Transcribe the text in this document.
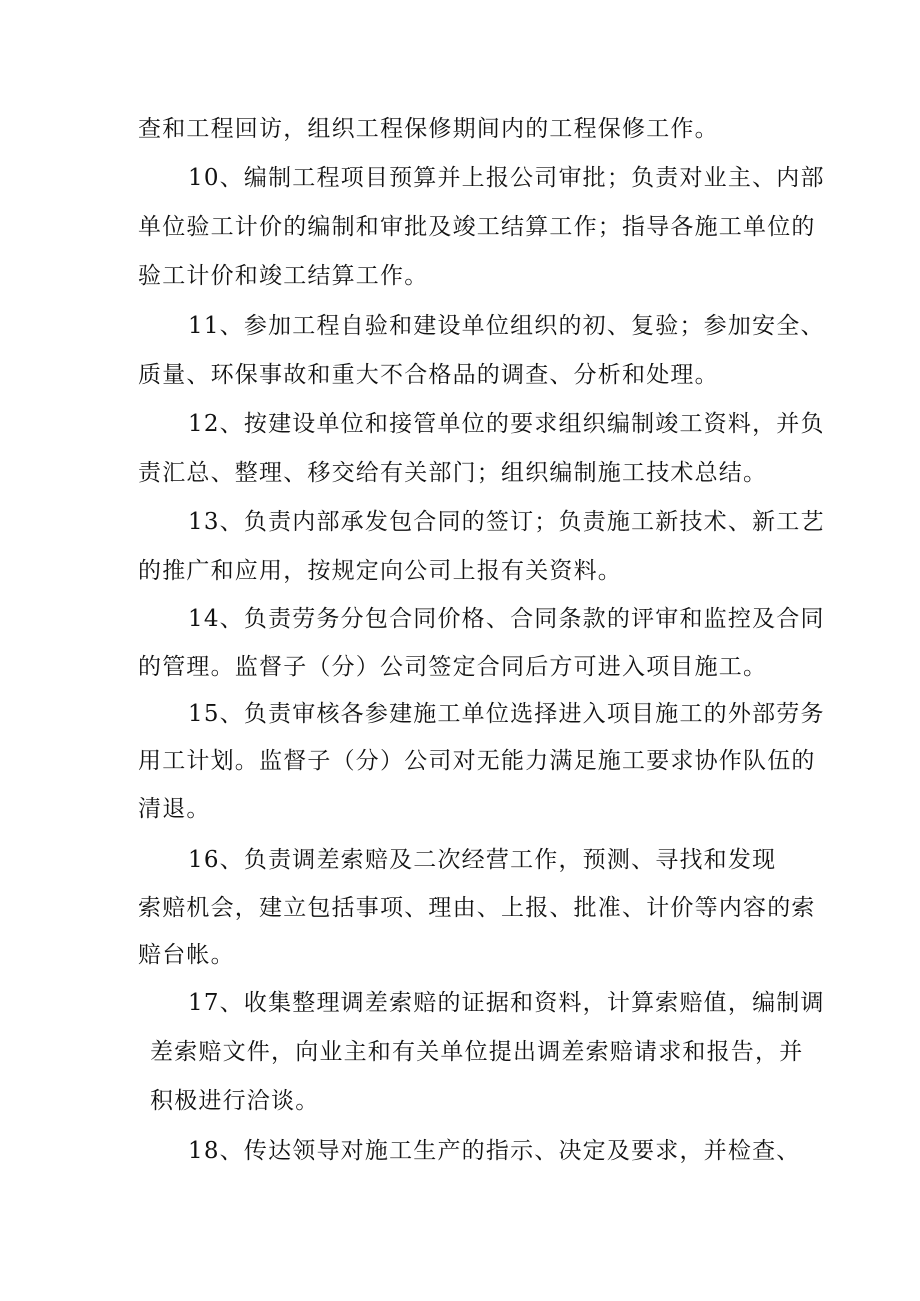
查和工程回访，组织工程保修期间内的工程保修工作。
10、编制工程项目预算并上报公司审批；负责对业主、内部
单位验工计价的编制和审批及竣工结算工作；指导各施工单位的
验工计价和竣工结算工作。
11、参加工程自验和建设单位组织的初、复验；参加安全、
质量、环保事故和重大不合格品的调查、分析和处理。
12、按建设单位和接管单位的要求组织编制竣工资料，并负
责汇总、整理、移交给有关部门；组织编制施工技术总结。
13、负责内部承发包合同的签订；负责施工新技术、新工艺
的推广和应用，按规定向公司上报有关资料。
14、负责劳务分包合同价格、合同条款的评审和监控及合同
的管理。监督子（分）公司签定合同后方可进入项目施工。
15、负责审核各参建施工单位选择进入项目施工的外部劳务
用工计划。监督子（分）公司对无能力满足施工要求协作队伍的
清退。
16、负责调差索赔及二次经营工作，预测、寻找和发现
索赔机会，建立包括事项、理由、上报、批准、计价等内容的索
赔台帐。
17、收集整理调差索赔的证据和资料，计算索赔值，编制调
差索赔文件，向业主和有关单位提出调差索赔请求和报告，并
积极进行洽谈。
18、传达领导对施工生产的指示、决定及要求，并检查、
